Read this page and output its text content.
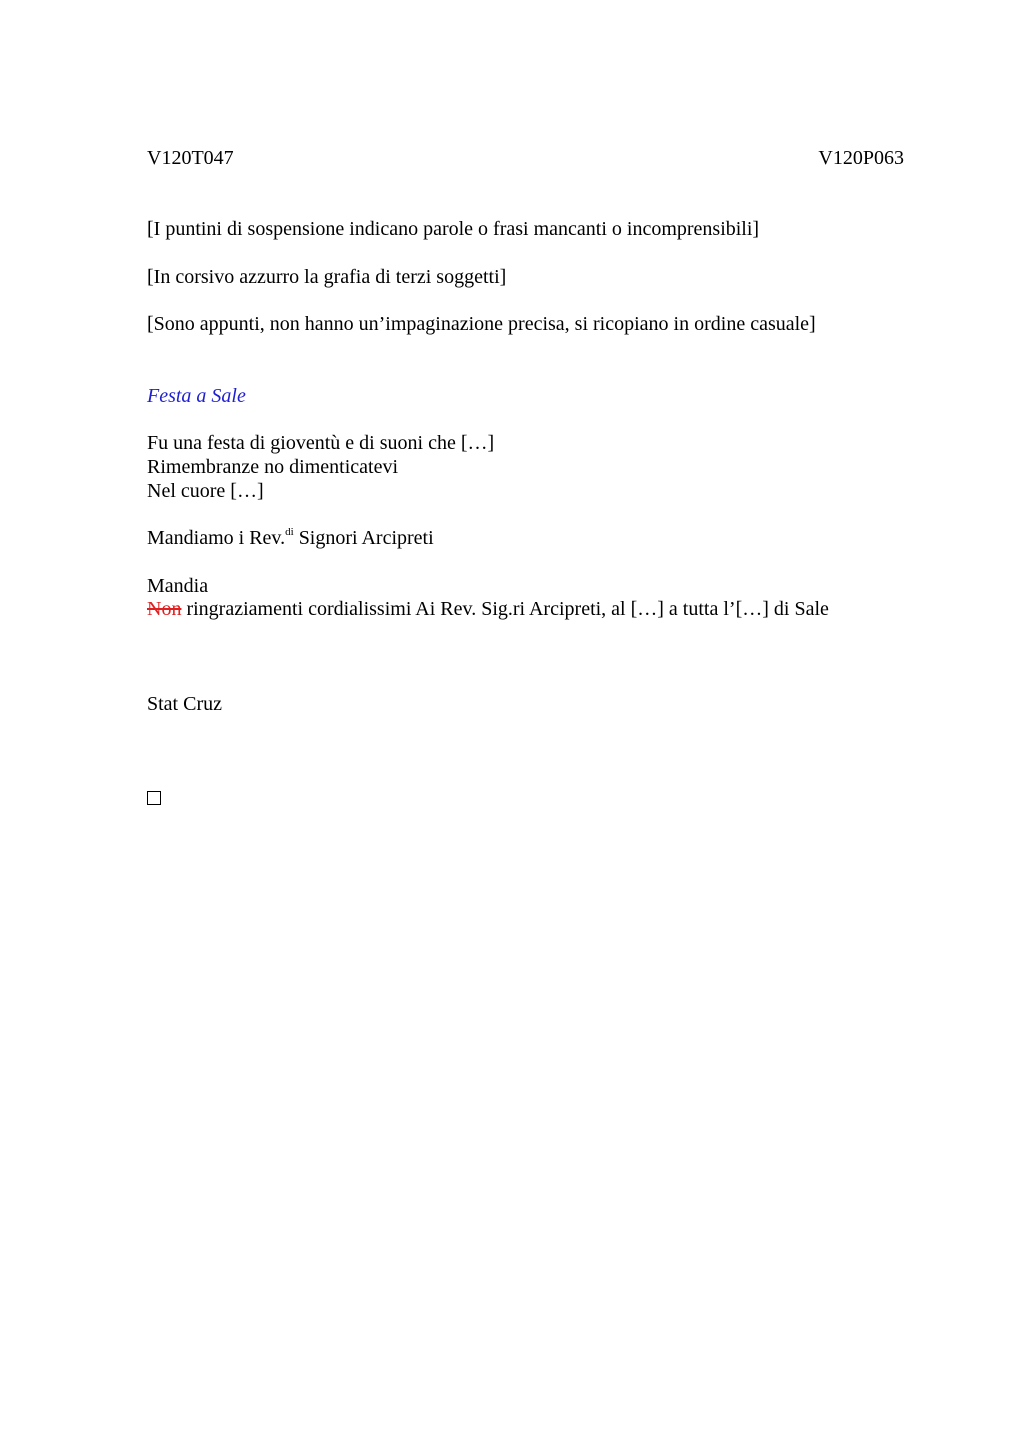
V120T047	V120P063
[I puntini di sospensione indicano parole o frasi mancanti o incomprensibili]
[In corsivo azzurro la grafia di terzi soggetti]
[Sono appunti, non hanno un’impaginazione precisa, si ricopiano in ordine casuale]
Festa a Sale
Fu una festa di gioventù e di suoni che […]
Rimembranze no dimenticatevi
Nel cuore […]
Mandiamo i Rev.$^{di}$ Signori Arcipreti
Mandia
Non ringraziamenti cordialissimi Ai Rev. Sig.ri Arcipreti, al […] a tutta l’[…] di Sale
Stat Cruz
